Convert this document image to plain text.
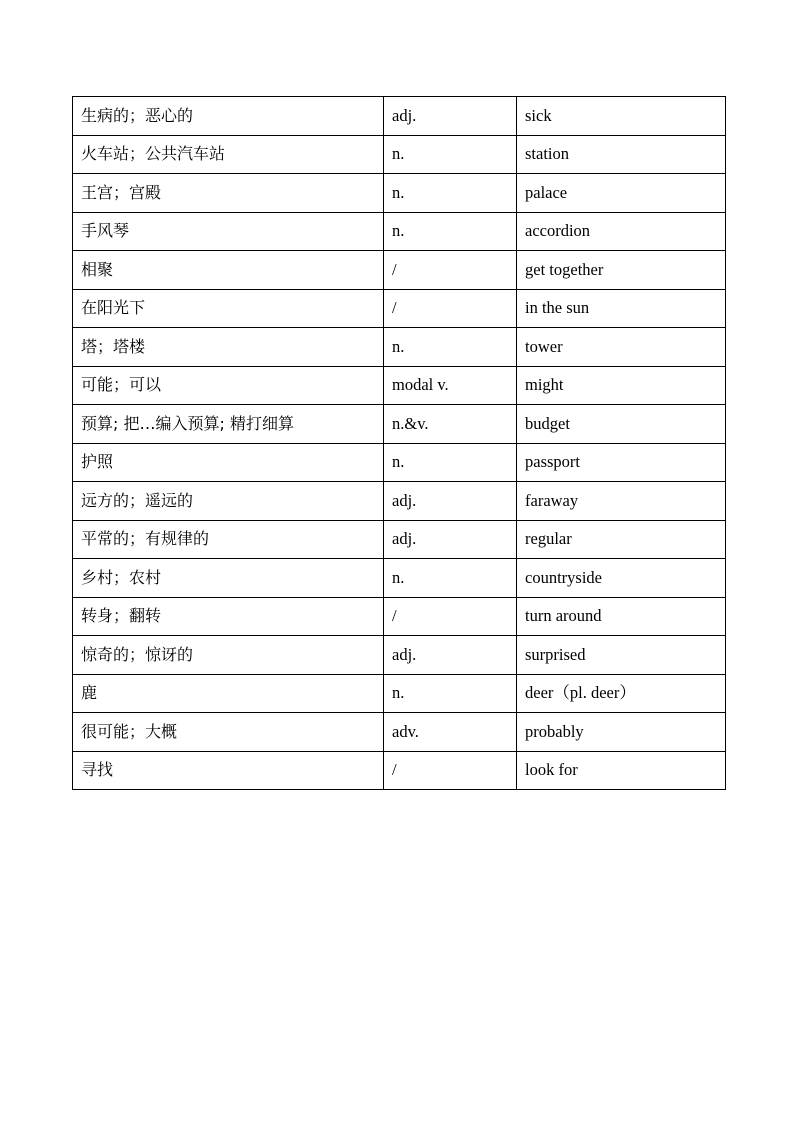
生病的；恶心的	adj.	sick
火车站；公共汽车站	n.	station
王宫；宫殿	n.	palace
手风琴	n.	accordion
相聚	/	get together
在阳光下	/	in the sun
塔；塔楼	n.	tower
可能；可以	modal v.	might
预算; 把…编入预算; 精打细算	n.&v.	budget
护照	n.	passport
远方的；遥远的	adj.	faraway
平常的；有规律的	adj.	regular
乡村；农村	n.	countryside
转身；翻转	/	turn around
惊奇的；惊讶的	adj.	surprised
鹿	n.	deer（pl. deer）
很可能；大概	adv.	probably
寻找	/	look for
